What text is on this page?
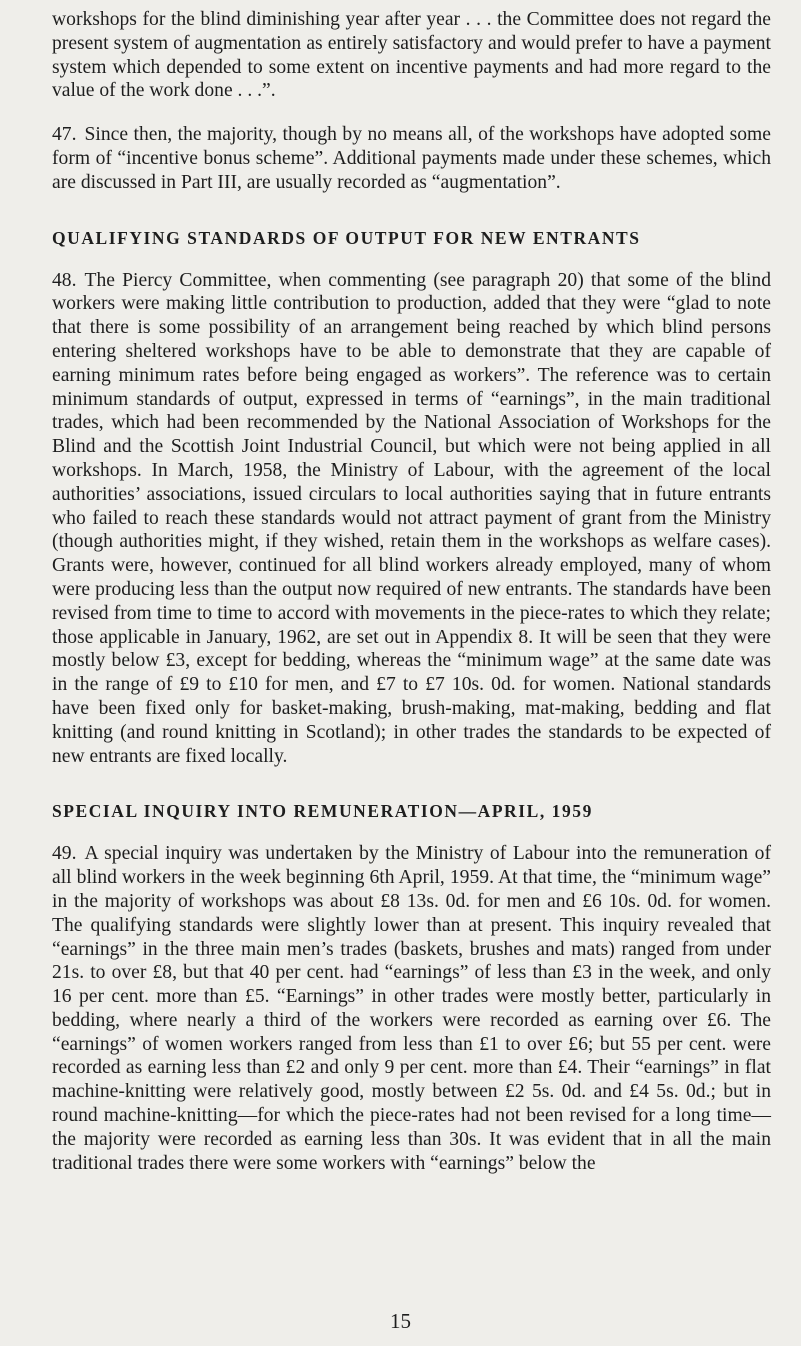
workshops for the blind diminishing year after year . . . the Committee does not regard the present system of augmentation as entirely satisfactory and would prefer to have a payment system which depended to some extent on incentive payments and had more regard to the value of the work done . . .”.

47. Since then, the majority, though by no means all, of the workshops have adopted some form of “incentive bonus scheme”. Additional payments made under these schemes, which are discussed in Part III, are usually recorded as “augmentation”.

QUALIFYING STANDARDS OF OUTPUT FOR NEW ENTRANTS

48. The Piercy Committee, when commenting (see paragraph 20) that some of the blind workers were making little contribution to production, added that they were “glad to note that there is some possibility of an arrangement being reached by which blind persons entering sheltered workshops have to be able to demonstrate that they are capable of earning minimum rates before being engaged as workers”. The reference was to certain minimum standards of output, expressed in terms of “earnings”, in the main traditional trades, which had been recommended by the National Association of Workshops for the Blind and the Scottish Joint Industrial Council, but which were not being applied in all workshops. In March, 1958, the Ministry of Labour, with the agreement of the local authorities’ associations, issued circulars to local authorities saying that in future entrants who failed to reach these standards would not attract payment of grant from the Ministry (though authorities might, if they wished, retain them in the workshops as welfare cases). Grants were, however, continued for all blind workers already employed, many of whom were producing less than the output now required of new entrants. The standards have been revised from time to time to accord with movements in the piece-rates to which they relate; those applicable in January, 1962, are set out in Appendix 8. It will be seen that they were mostly below £3, except for bedding, whereas the “minimum wage” at the same date was in the range of £9 to £10 for men, and £7 to £7 10s. 0d. for women. National standards have been fixed only for basket-making, brush-making, mat-making, bedding and flat knitting (and round knitting in Scotland); in other trades the standards to be expected of new entrants are fixed locally.

SPECIAL INQUIRY INTO REMUNERATION—APRIL, 1959

49. A special inquiry was undertaken by the Ministry of Labour into the remuneration of all blind workers in the week beginning 6th April, 1959. At that time, the “minimum wage” in the majority of workshops was about £8 13s. 0d. for men and £6 10s. 0d. for women. The qualifying standards were slightly lower than at present. This inquiry revealed that “earnings” in the three main men’s trades (baskets, brushes and mats) ranged from under 21s. to over £8, but that 40 per cent. had “earnings” of less than £3 in the week, and only 16 per cent. more than £5. “Earnings” in other trades were mostly better, particularly in bedding, where nearly a third of the workers were recorded as earning over £6. The “earnings” of women workers ranged from less than £1 to over £6; but 55 per cent. were recorded as earning less than £2 and only 9 per cent. more than £4. Their “earnings” in flat machine-knitting were relatively good, mostly between £2 5s. 0d. and £4 5s. 0d.; but in round machine-knitting—for which the piece-rates had not been revised for a long time—the majority were recorded as earning less than 30s. It was evident that in all the main traditional trades there were some workers with “earnings” below the

15
